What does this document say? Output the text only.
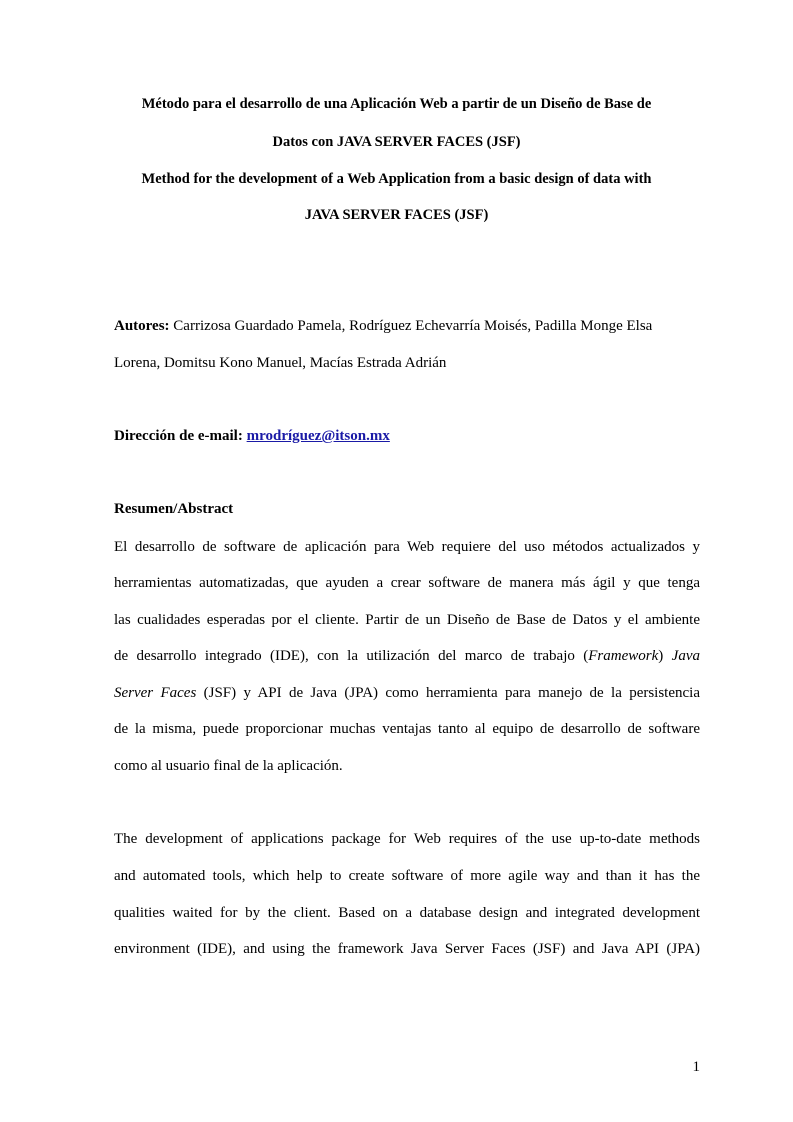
Método para el desarrollo de una Aplicación Web a partir de un Diseño de Base de
Datos con JAVA SERVER FACES (JSF)
Method for the development of a Web Application from a basic design of data with
JAVA SERVER FACES (JSF)
Autores: Carrizosa Guardado Pamela, Rodríguez Echevarría Moisés, Padilla Monge Elsa
Lorena, Domitsu Kono Manuel, Macías Estrada Adrián
Dirección de e-mail: mrodríguez@itson.mx
Resumen/Abstract
El desarrollo de software de aplicación para Web requiere del uso métodos actualizados y
herramientas automatizadas, que ayuden a crear software de manera más ágil y que tenga
las cualidades esperadas por el cliente. Partir de un Diseño de Base de Datos y el ambiente
de desarrollo integrado (IDE), con la utilización del marco de trabajo (Framework) Java
Server Faces (JSF) y API de Java (JPA) como herramienta para manejo de la persistencia
de la misma, puede proporcionar muchas ventajas tanto al equipo de desarrollo de software
como al usuario final de la aplicación.
The development of applications package for Web requires of the use up-to-date methods
and automated tools, which help to create software of more agile way and than it has the
qualities waited for by the client. Based on a database design and integrated development
environment (IDE), and using the framework Java Server Faces (JSF) and Java API (JPA)
1
